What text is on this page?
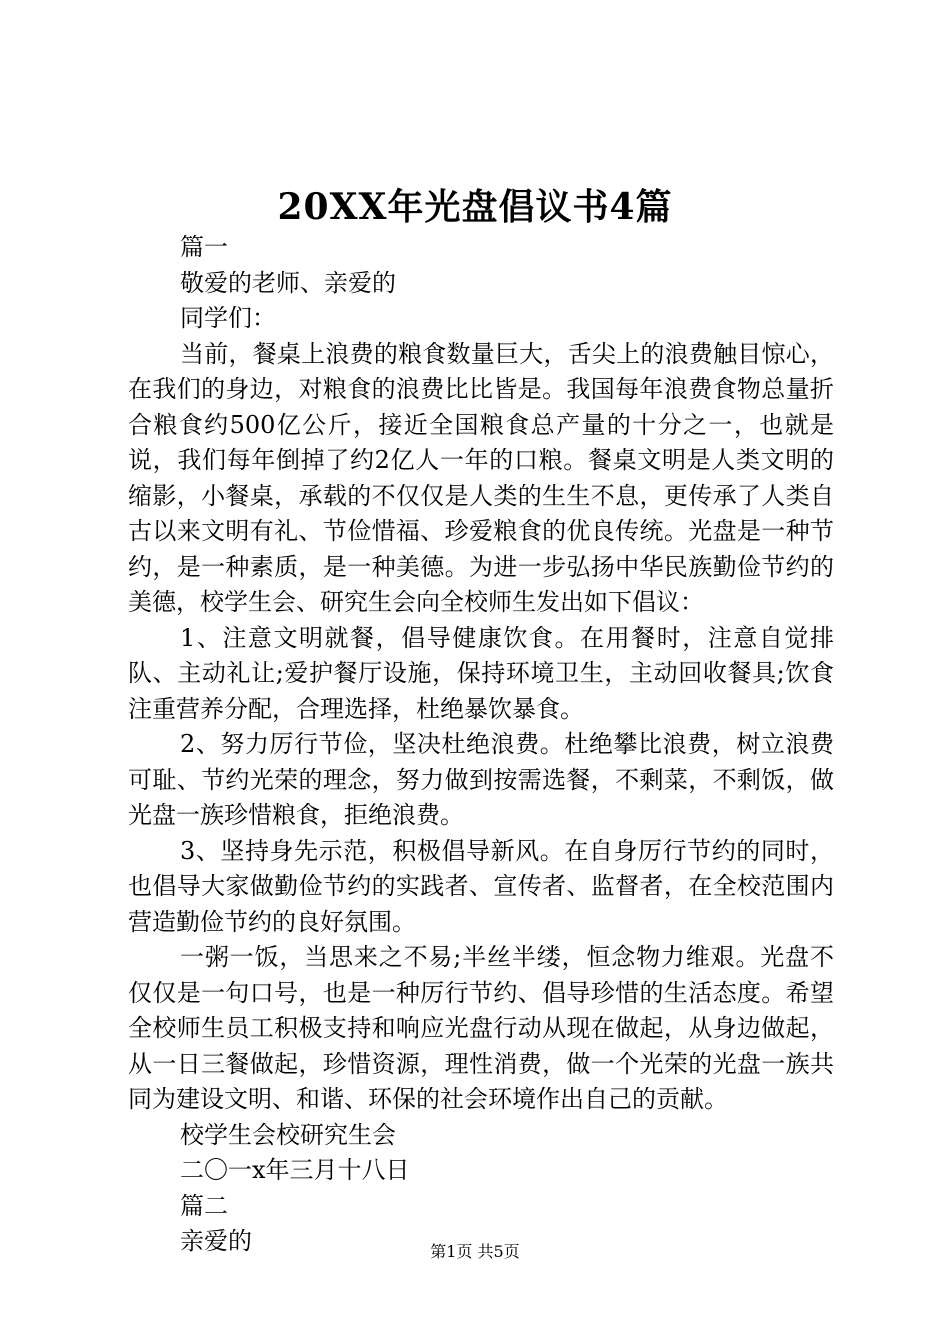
20XX年光盘倡议书4篇

篇一

敬爱的老师、亲爱的

同学们：

当前，餐桌上浪费的粮食数量巨大，舌尖上的浪费触目惊心，在我们的身边，对粮食的浪费比比皆是。我国每年浪费食物总量折合粮食约500亿公斤，接近全国粮食总产量的十分之一，也就是说，我们每年倒掉了约2亿人一年的口粮。餐桌文明是人类文明的缩影，小餐桌，承载的不仅仅是人类的生生不息，更传承了人类自古以来文明有礼、节俭惜福、珍爱粮食的优良传统。光盘是一种节约，是一种素质，是一种美德。为进一步弘扬中华民族勤俭节约的美德，校学生会、研究生会向全校师生发出如下倡议：

1、注意文明就餐，倡导健康饮食。在用餐时，注意自觉排队、主动礼让;爱护餐厅设施，保持环境卫生，主动回收餐具;饮食注重营养分配，合理选择，杜绝暴饮暴食。

2、努力厉行节俭，坚决杜绝浪费。杜绝攀比浪费，树立浪费可耻、节约光荣的理念，努力做到按需选餐，不剩菜，不剩饭，做光盘一族珍惜粮食，拒绝浪费。

3、坚持身先示范，积极倡导新风。在自身厉行节约的同时，也倡导大家做勤俭节约的实践者、宣传者、监督者，在全校范围内营造勤俭节约的良好氛围。

一粥一饭，当思来之不易;半丝半缕，恒念物力维艰。光盘不仅仅是一句口号，也是一种厉行节约、倡导珍惜的生活态度。希望全校师生员工积极支持和响应光盘行动从现在做起，从身边做起，从一日三餐做起，珍惜资源，理性消费，做一个光荣的光盘一族共同为建设文明、和谐、环保的社会环境作出自己的贡献。

校学生会校研究生会

二〇一x年三月十八日

篇二

亲爱的	第1页 共5页
